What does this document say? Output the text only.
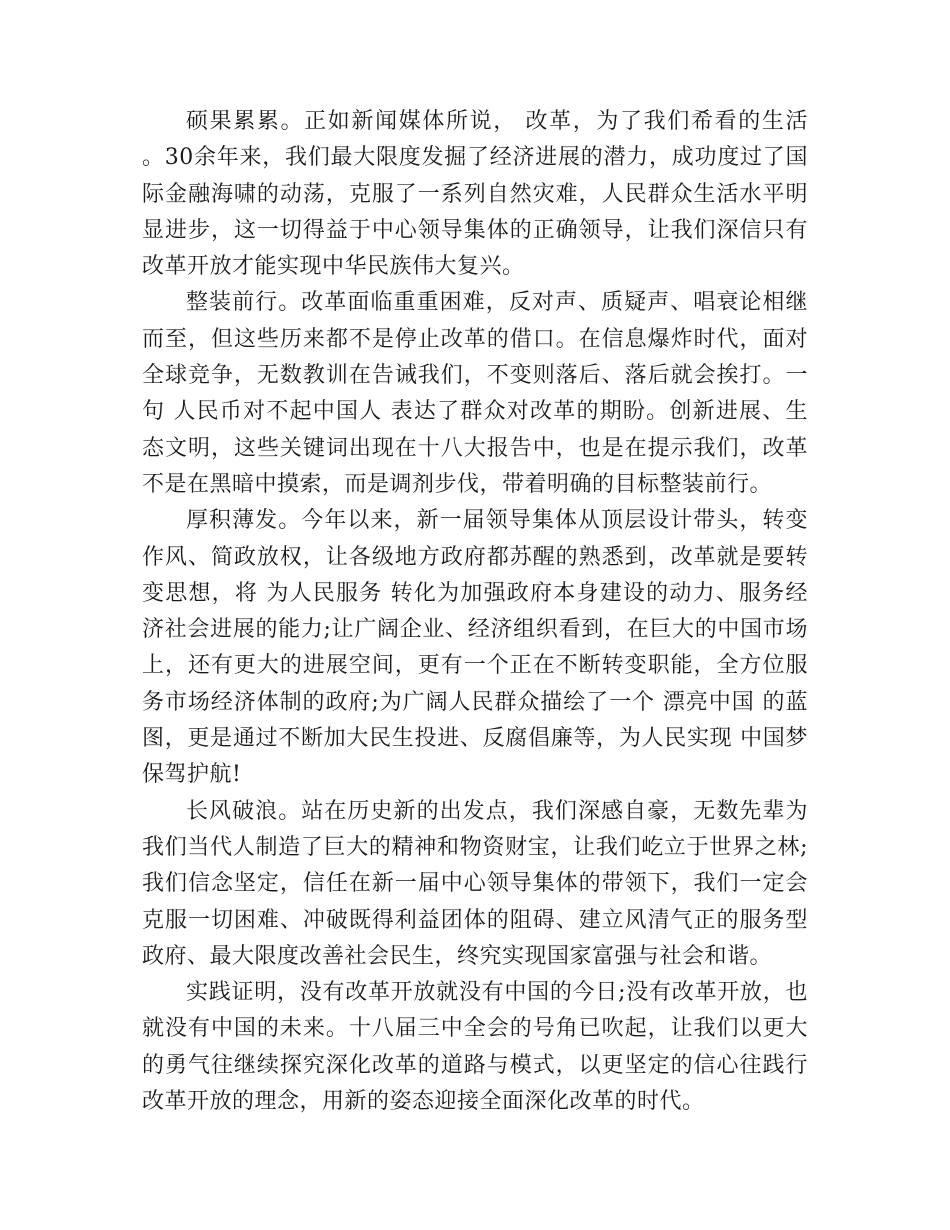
硕果累累。正如新闻媒体所说， 改革，为了我们希看的生活 。30余年来，我们最大限度发掘了经济进展的潜力，成功度过了国际金融海啸的动荡，克服了一系列自然灾难，人民群众生活水平明显进步，这一切得益于中心领导集体的正确领导，让我们深信只有改革开放才能实现中华民族伟大复兴。

整装前行。改革面临重重困难，反对声、质疑声、唱衰论相继而至，但这些历来都不是停止改革的借口。在信息爆炸时代，面对全球竞争，无数教训在告诫我们，不变则落后、落后就会挨打。一句 人民币对不起中国人 表达了群众对改革的期盼。创新进展、生态文明，这些关键词出现在十八大报告中，也是在提示我们，改革不是在黑暗中摸索，而是调剂步伐，带着明确的目标整装前行。

厚积薄发。今年以来，新一届领导集体从顶层设计带头，转变作风、简政放权，让各级地方政府都苏醒的熟悉到，改革就是要转变思想，将 为人民服务 转化为加强政府本身建设的动力、服务经济社会进展的能力;让广阔企业、经济组织看到，在巨大的中国市场上，还有更大的进展空间，更有一个正在不断转变职能，全方位服务市场经济体制的政府;为广阔人民群众描绘了一个 漂亮中国 的蓝图，更是通过不断加大民生投进、反腐倡廉等，为人民实现 中国梦 保驾护航!

长风破浪。站在历史新的出发点，我们深感自豪，无数先辈为我们当代人制造了巨大的精神和物资财宝，让我们屹立于世界之林;我们信念坚定，信任在新一届中心领导集体的带领下，我们一定会克服一切困难、冲破既得利益团体的阻碍、建立风清气正的服务型政府、最大限度改善社会民生，终究实现国家富强与社会和谐。

实践证明，没有改革开放就没有中国的今日;没有改革开放，也就没有中国的未来。十八届三中全会的号角已吹起，让我们以更大的勇气往继续探究深化改革的道路与模式，以更坚定的信心往践行改革开放的理念，用新的姿态迎接全面深化改革的时代。
